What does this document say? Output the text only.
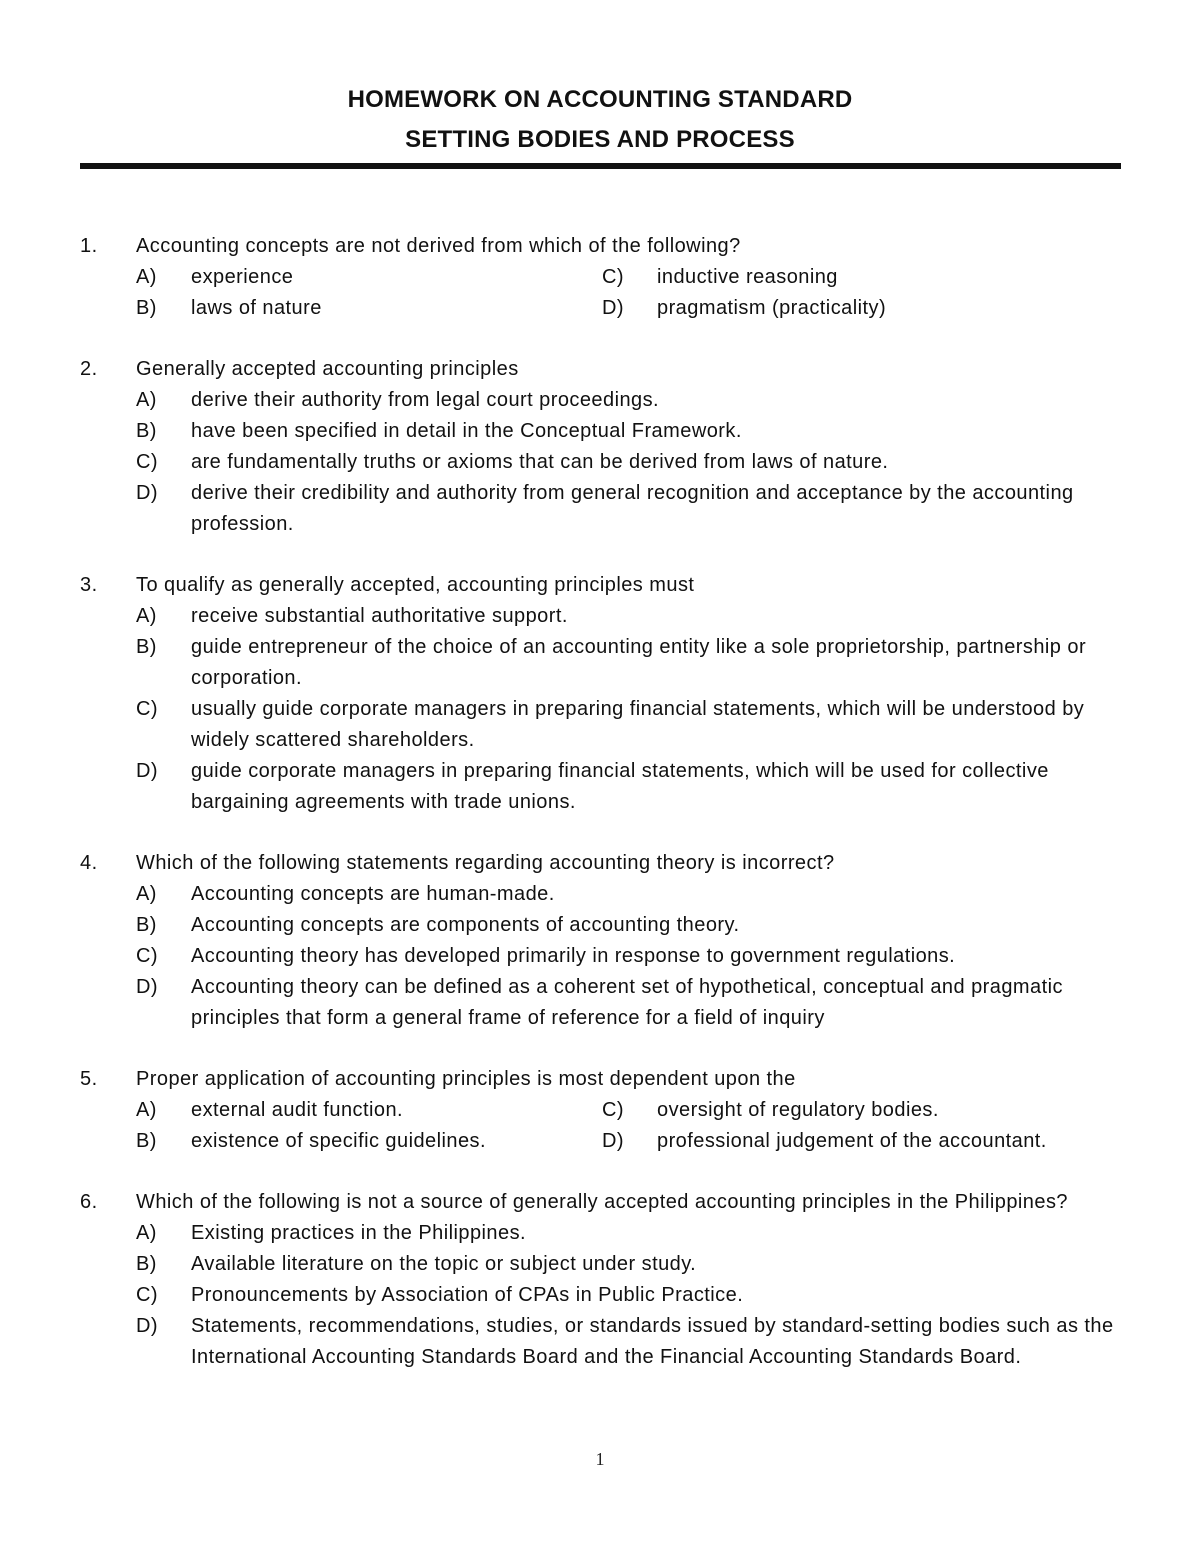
HOMEWORK ON ACCOUNTING STANDARD
SETTING BODIES AND PROCESS
1.	Accounting concepts are not derived from which of the following?
A)	experience	C)	inductive reasoning
B)	laws of nature	D)	pragmatism (practicality)
2.	Generally accepted accounting principles
A)	derive their authority from legal court proceedings.
B)	have been specified in detail in the Conceptual Framework.
C)	are fundamentally truths or axioms that can be derived from laws of nature.
D)	derive their credibility and authority from general recognition and acceptance by the accounting profession.
3.	To qualify as generally accepted, accounting principles must
A)	receive substantial authoritative support.
B)	guide entrepreneur of the choice of an accounting entity like a sole proprietorship, partnership or corporation.
C)	usually guide corporate managers in preparing financial statements, which will be understood by widely scattered shareholders.
D)	guide corporate managers in preparing financial statements, which will be used for collective bargaining agreements with trade unions.
4.	Which of the following statements regarding accounting theory is incorrect?
A)	Accounting concepts are human-made.
B)	Accounting concepts are components of accounting theory.
C)	Accounting theory has developed primarily in response to government regulations.
D)	Accounting theory can be defined as a coherent set of hypothetical, conceptual and pragmatic principles that form a general frame of reference for a field of inquiry
5.	Proper application of accounting principles is most dependent upon the
A)	external audit function.	C)	oversight of regulatory bodies.
B)	existence of specific guidelines.	D)	professional judgement of the accountant.
6.	Which of the following is not a source of generally accepted accounting principles in the Philippines?
A)	Existing practices in the Philippines.
B)	Available literature on the topic or subject under study.
C)	Pronouncements by Association of CPAs in Public Practice.
D)	Statements, recommendations, studies, or standards issued by standard-setting bodies such as the International Accounting Standards Board and the Financial Accounting Standards Board.
1
